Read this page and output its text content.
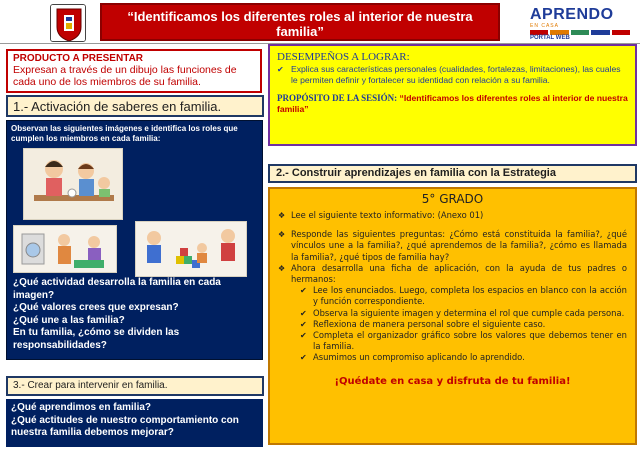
“Identificamos los diferentes roles al interior de nuestra familia”
APRENDO
EN CASA
PORTAL WEB
PRODUCTO A PRESENTAR
Expresan a través de un dibujo las funciones de cada uno de los miembros de su familia.
1.- Activación de saberes en familia.
Observan las siguientes imágenes e identifica los roles que cumplen los miembros en cada familia:
¿Qué actividad desarrolla la familia en cada imagen?
¿Qué valores crees que expresan?
¿Qué une a las familia?
En tu familia, ¿cómo se dividen las responsabilidades?
3.- Crear para intervenir en familia.
¿Qué aprendimos en familia?
¿Qué actitudes de nuestro comportamiento con nuestra familia debemos mejorar?
DESEMPEÑOS A LOGRAR:
✔ Explica sus características personales (cualidades, fortalezas, limitaciones), las cuales le permiten definir y fortalecer su identidad con relación a su familia.
PROPÓSITO DE LA SESIÓN: “Identificamos los diferentes roles al interior de nuestra familia”
2.- Construir aprendizajes en familia con la Estrategia
5° GRADO
❖ Lee el siguiente texto informativo: (Anexo 01)
❖ Responde las siguientes preguntas: ¿Cómo está constituida la familia?, ¿qué vínculos une a la familia?, ¿qué aprendemos de la familia?, ¿cómo es llamada la familia?, ¿qué tipos de familia hay?
❖ Ahora desarrolla una ficha de aplicación, con la ayuda de tus padres o hermanos:
✔ Lee los enunciados. Luego, completa los espacios en blanco con la acción y función correspondiente.
✔ Observa la siguiente imagen y determina el rol que cumple cada persona.
✔ Reflexiona de manera personal sobre el siguiente caso.
✔ Completa el organizador gráfico sobre los valores que debemos tener en la familia.
✔ Asumimos un compromiso aplicando lo aprendido.
¡Quédate en casa y disfruta de tu familia!
